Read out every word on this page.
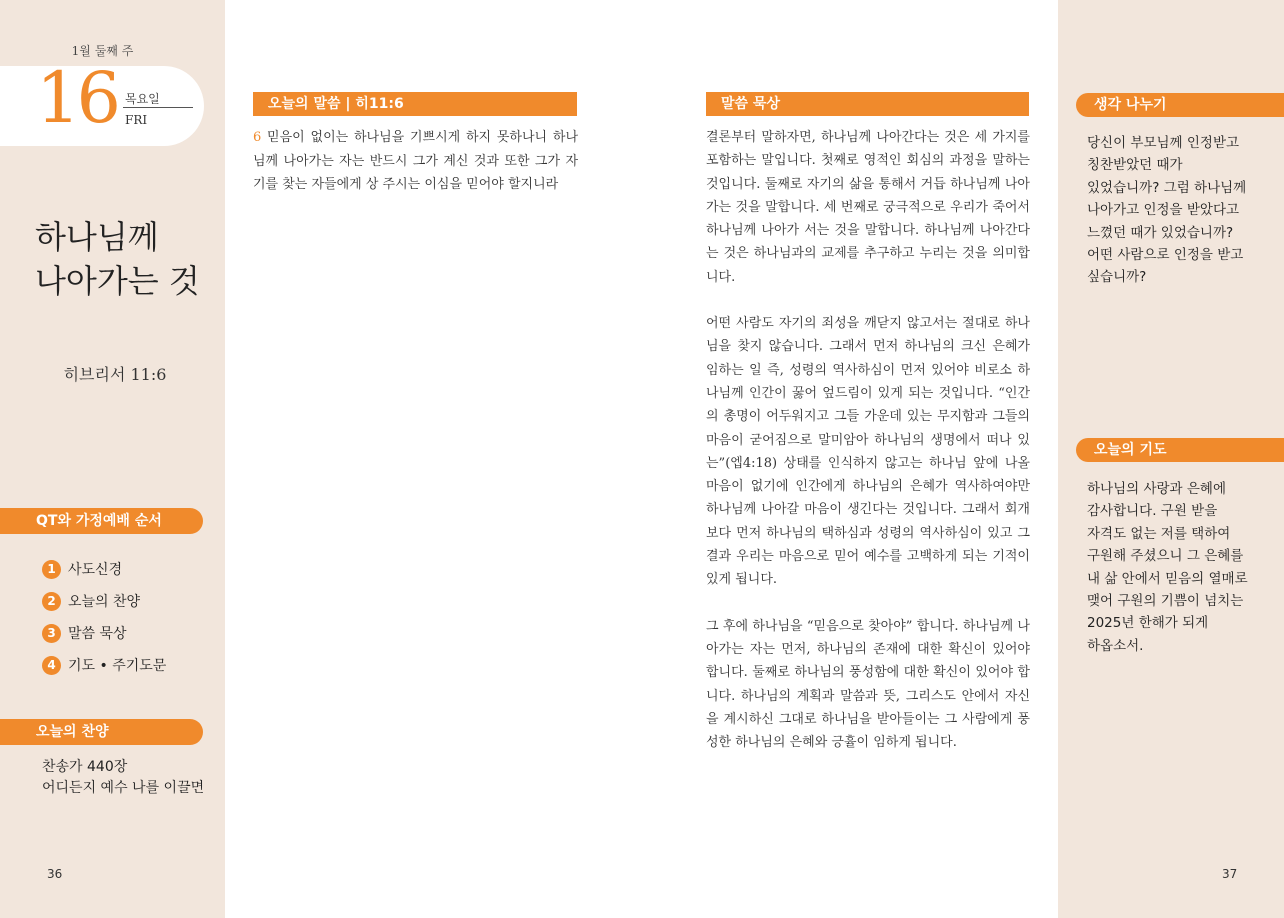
1월 둘째 주
16 목요일
FRI
하나님께
나아가는 것
히브리서 11:6
QT와 가정예배 순서
1 사도신경
2 오늘의 찬양
3 말씀 묵상
4 기도 • 주기도문
오늘의 찬양
찬송가 440장
어디든지 예수 나를 이끌면
36
오늘의 말씀 | 히11:6
6 믿음이 없이는 하나님을 기쁘시게 하지 못하나니 하나님께 나아가는 자는 반드시 그가 계신 것과 또한 그가 자기를 찾는 자들에게 상 주시는 이심을 믿어야 할지니라
말씀 묵상

결론부터 말하자면, 하나님께 나아간다는 것은 세 가지를 포함하는 말입니다. 첫째로 영적인 회심의 과정을 말하는 것입니다. 둘째로 자기의 삶을 통해서 거듭 하나님께 나아가는 것을 말합니다. 세 번째로 궁극적으로 우리가 죽어서 하나님께 나아가 서는 것을 말합니다. 하나님께 나아간다는 것은 하나님과의 교제를 추구하고 누리는 것을 의미합니다.

어떤 사람도 자기의 죄성을 깨닫지 않고서는 절대로 하나님을 찾지 않습니다. 그래서 먼저 하나님의 크신 은혜가 임하는 일 즉, 성령의 역사하심이 먼저 있어야 비로소 하나님께 인간이 꿇어 엎드림이 있게 되는 것입니다. “인간의 총명이 어두워지고 그들 가운데 있는 무지함과 그들의 마음이 굳어짐으로 말미암아 하나님의 생명에서 떠나 있는”(엡4:18) 상태를 인식하지 않고는 하나님 앞에 나올 마음이 없기에 인간에게 하나님의 은혜가 역사하여야만 하나님께 나아갈 마음이 생긴다는 것입니다. 그래서 회개보다 먼저 하나님의 택하심과 성령의 역사하심이 있고 그 결과 우리는 마음으로 믿어 예수를 고백하게 되는 기적이 있게 됩니다.

그 후에 하나님을 “믿음으로 찾아야” 합니다. 하나님께 나아가는 자는 먼저, 하나님의 존재에 대한 확신이 있어야 합니다. 둘째로 하나님의 풍성함에 대한 확신이 있어야 합니다. 하나님의 계획과 말씀과 뜻, 그리스도 안에서 자신을 계시하신 그대로 하나님을 받아들이는 그 사람에게 풍성한 하나님의 은혜와 긍휼이 임하게 됩니다.

생각 나누기
당신이 부모님께 인정받고
칭찬받았던 때가
있었습니까? 그럼 하나님께
나아가고 인정을 받았다고
느꼈던 때가 있었습니까?
어떤 사람으로 인정을 받고
싶습니까?
오늘의 기도
하나님의 사랑과 은혜에
감사합니다. 구원 받을
자격도 없는 저를 택하여
구원해 주셨으니 그 은혜를
내 삶 안에서 믿음의 열매로
맺어 구원의 기쁨이 넘치는
2025년 한해가 되게
하옵소서.
37
